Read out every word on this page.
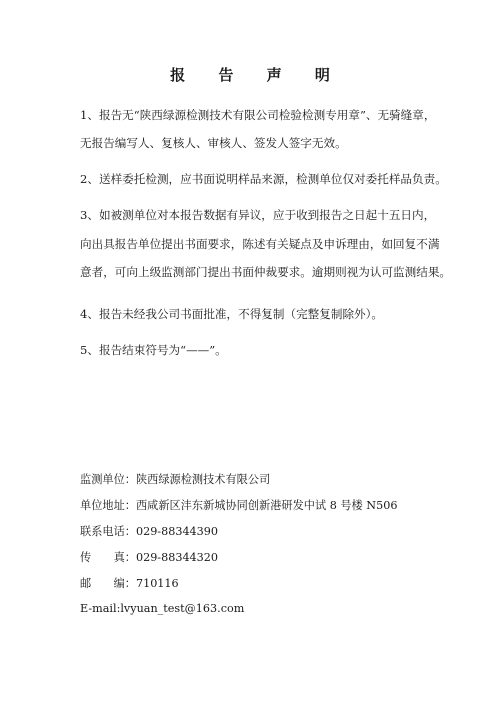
报 告 声 明
1、报告无“陕西绿源检测技术有限公司检验检测专用章”、无骑缝章，
无报告编写人、复核人、审核人、签发人签字无效。
2、送样委托检测，应书面说明样品来源，检测单位仅对委托样品负责。
3、如被测单位对本报告数据有异议，应于收到报告之日起十五日内，
向出具报告单位提出书面要求，陈述有关疑点及申诉理由，如回复不满
意者，可向上级监测部门提出书面仲裁要求。逾期则视为认可监测结果。
4、报告未经我公司书面批准，不得复制（完整复制除外）。
5、报告结束符号为“——”。
监测单位：陕西绿源检测技术有限公司
单位地址：西咸新区沣东新城协同创新港研发中试 8 号楼 N506
联系电话：029-88344390
传　　真：029-88344320
邮　　编：710116
E-mail:lvyuan_test@163.com
